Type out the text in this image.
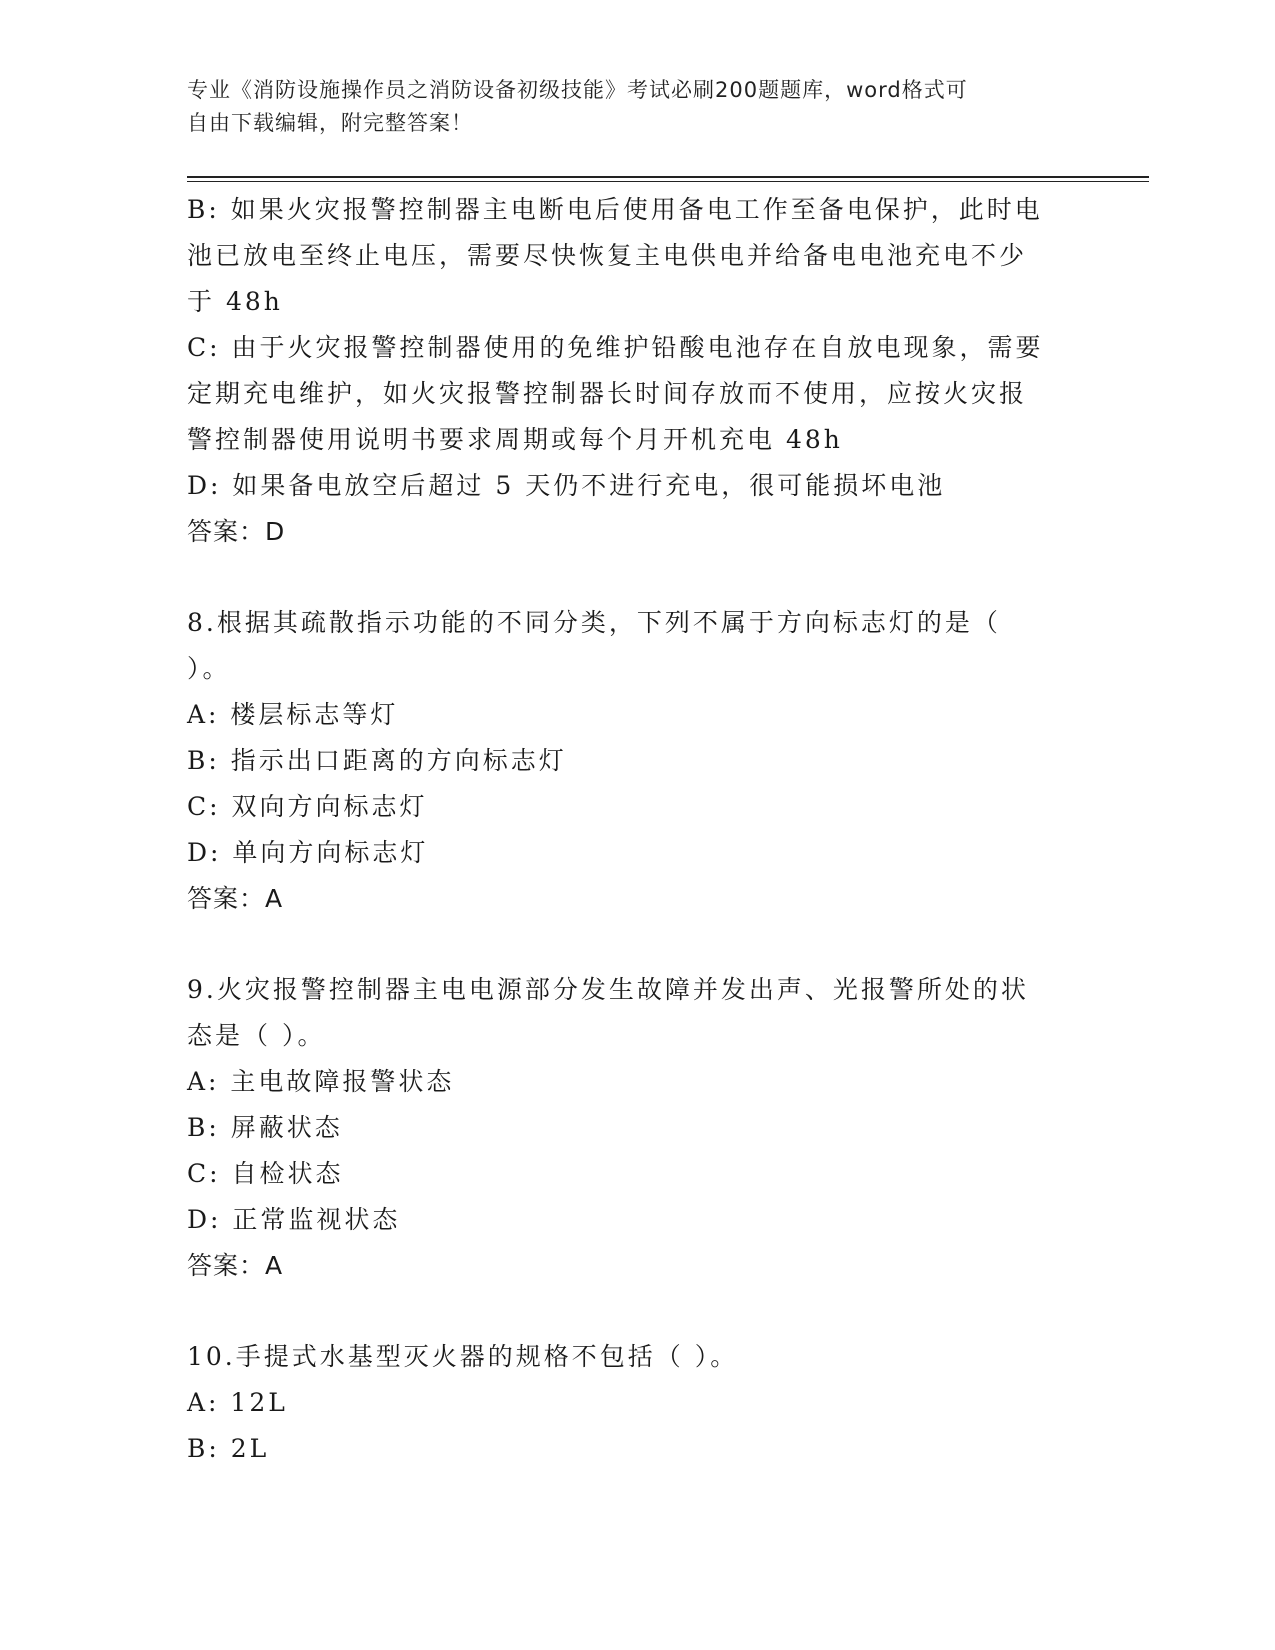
专业《消防设施操作员之消防设备初级技能》考试必刷200题题库，word格式可
自由下载编辑，附完整答案！
B: 如果火灾报警控制器主电断电后使用备电工作至备电保护，此时电
池已放电至终止电压，需要尽快恢复主电供电并给备电电池充电不少
于 48h
C: 由于火灾报警控制器使用的免维护铅酸电池存在自放电现象，需要
定期充电维护，如火灾报警控制器长时间存放而不使用，应按火灾报
警控制器使用说明书要求周期或每个月开机充电 48h
D: 如果备电放空后超过 5 天仍不进行充电，很可能损坏电池
答案：D
8.根据其疏散指示功能的不同分类，下列不属于方向标志灯的是（
）。
A: 楼层标志等灯
B: 指示出口距离的方向标志灯
C: 双向方向标志灯
D: 单向方向标志灯
答案：A
9.火灾报警控制器主电电源部分发生故障并发出声、光报警所处的状
态是（ ）。
A: 主电故障报警状态
B: 屏蔽状态
C: 自检状态
D: 正常监视状态
答案：A
10.手提式水基型灭火器的规格不包括（ ）。
A: 12L
B: 2L
